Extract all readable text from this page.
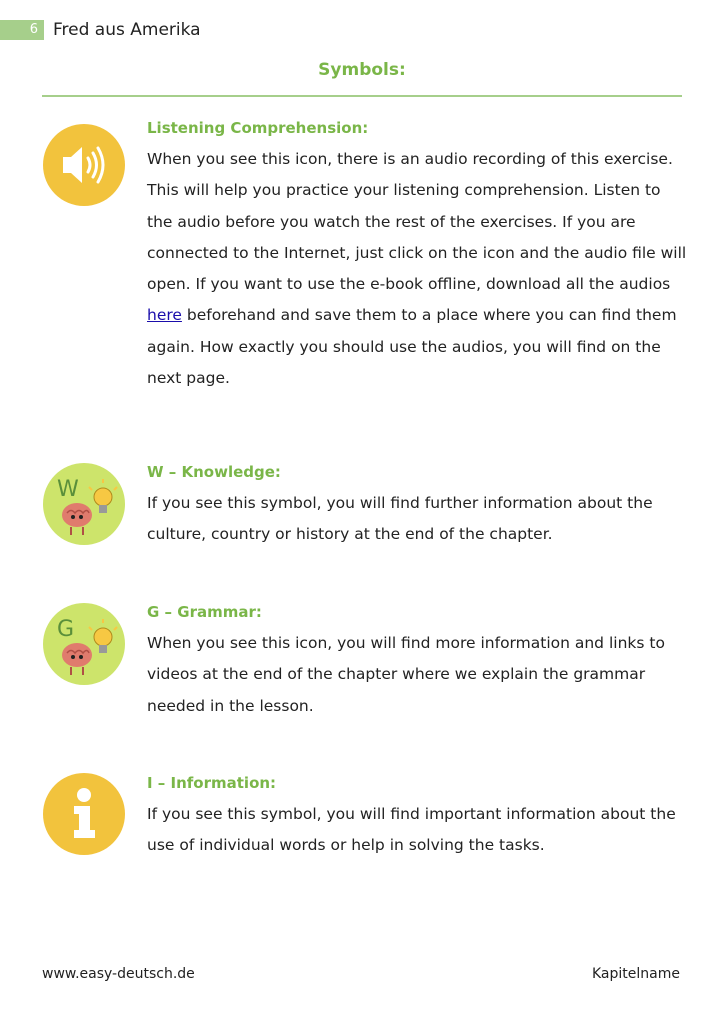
6 Fred aus Amerika
Symbols:
Listening Comprehension:
When you see this icon, there is an audio recording of this exercise. This will help you practice your listening comprehension. Listen to the audio before you watch the rest of the exercises. If you are connected to the Internet, just click on the icon and the audio file will open. If you want to use the e-book offline, download all the audios here beforehand and save them to a place where you can find them again. How exactly you should use the audios, you will find on the next page.
W
W – Knowledge:
If you see this symbol, you will find further information about the culture, country or history at the end of the chapter.
G
G – Grammar:
When you see this icon, you will find more information and links to videos at the end of the chapter where we explain the grammar needed in the lesson.
I – Information:
If you see this symbol, you will find important information about the use of individual words or help in solving the tasks.
www.easy-deutsch.de	Kapitelname
